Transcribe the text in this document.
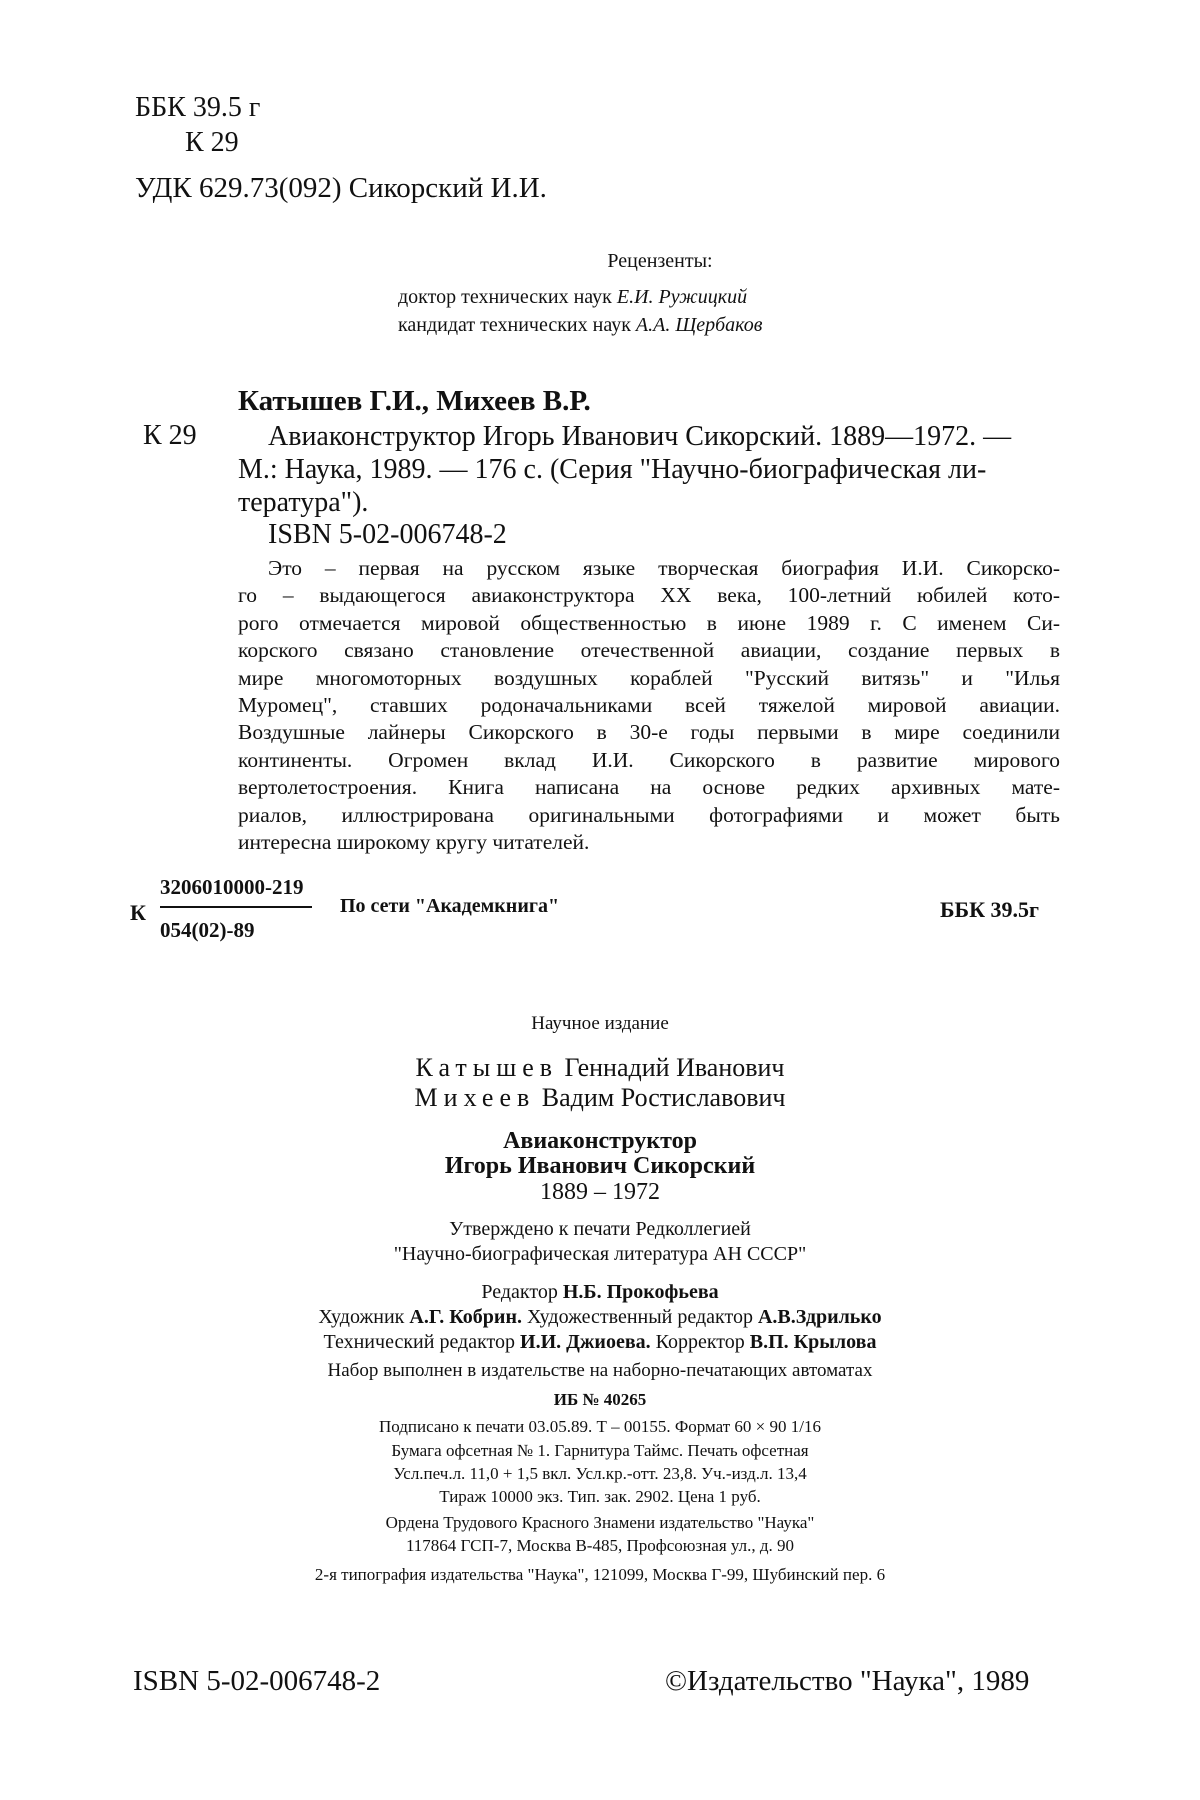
ББК 39.5 г
К 29
УДК 629.73(092) Сикорский И.И.
Рецензенты:
доктор технических наук Е.И. Ружицкий
кандидат технических наук А.А. Щербаков
Катышев Г.И., Михеев В.Р.
К 29	Авиаконструктор Игорь Иванович Сикорский. 1889—1972. —
М.: Наука, 1989. — 176 с. (Серия "Научно-биографическая ли-
тература").
ISBN 5-02-006748-2
Это – первая на русском языке творческая биография И.И. Сикорско-
го – выдающегося авиаконструктора XX века, 100-летний юбилей кото-
рого отмечается мировой общественностью в июне 1989 г. С именем Си-
корского связано становление отечественной авиации, создание первых в
мире многомоторных воздушных кораблей "Русский витязь" и "Илья
Муромец", ставших родоначальниками всей тяжелой мировой авиации.
Воздушные лайнеры Сикорского в 30-е годы первыми в мире соединили
континенты. Огромен вклад И.И. Сикорского в развитие мирового
вертолетостроения. Книга написана на основе редких архивных мате-
риалов, иллюстрирована оригинальными фотографиями и может быть
интересна широкому кругу читателей.
К
3206010000-219
054(02)-89
По сети "Академкнига"	ББК 39.5г
Научное издание
Катышев Геннадий Иванович
Михеев Вадим Ростиславович
Авиаконструктор
Игорь Иванович Сикорский
1889 – 1972
Утверждено к печати Редколлегией
"Научно-биографическая литература АН СССР"
Редактор Н.Б. Прокофьева
Художник А.Г. Кобрин. Художественный редактор А.В.Здрилько
Технический редактор И.И. Джиоева. Корректор В.П. Крылова
Набор выполнен в издательстве на наборно-печатающих автоматах
ИБ № 40265
Подписано к печати 03.05.89. Т – 00155. Формат 60 × 90 1/16
Бумага офсетная № 1. Гарнитура Таймс. Печать офсетная
Усл.печ.л. 11,0 + 1,5 вкл. Усл.кр.-отт. 23,8. Уч.-изд.л. 13,4
Тираж 10000 экз. Тип. зак. 2902. Цена 1 руб.
Ордена Трудового Красного Знамени издательство "Наука"
117864 ГСП-7, Москва В-485, Профсоюзная ул., д. 90
2-я типография издательства "Наука", 121099, Москва Г-99, Шубинский пер. 6
ISBN 5-02-006748-2	©Издательство "Наука", 1989
